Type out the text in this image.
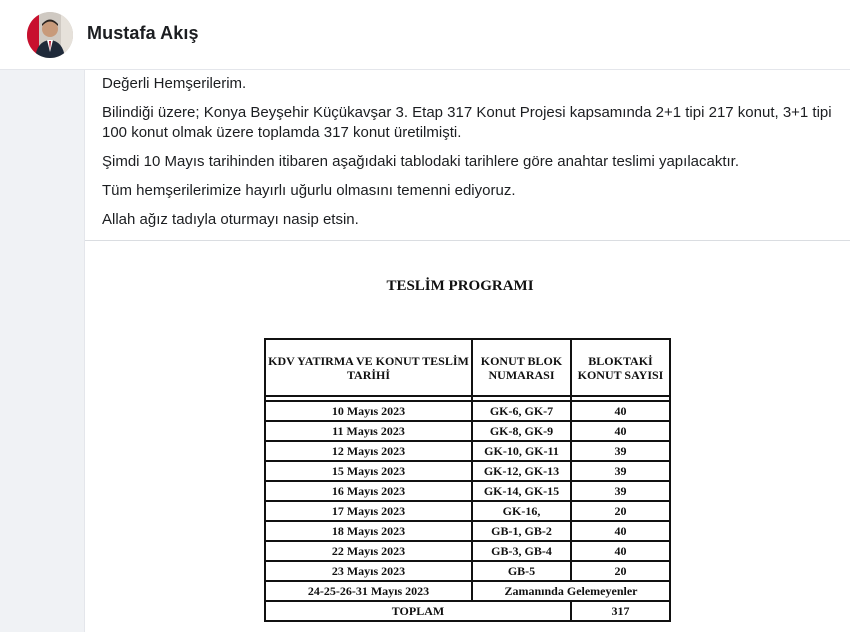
Mustafa Akış

Değerli Hemşerilerim.

Bilindiği üzere; Konya Beyşehir Küçükavşar 3. Etap 317 Konut Projesi kapsamında 2+1 tipi 217 konut, 3+1 tipi 100 konut olmak üzere toplamda 317 konut üretilmişti.

Şimdi 10 Mayıs tarihinden itibaren aşağıdaki tablodaki tarihlere göre anahtar teslimi yapılacaktır.

Tüm hemşerilerimize hayırlı uğurlu olmasını temenni ediyoruz.

Allah ağız tadıyla oturmayı nasip etsin.

TESLİM PROGRAMI
KDV YATIRMA VE KONUT TESLİM TARİHİ	KONUT BLOK NUMARASI	BLOKTAKİ KONUT SAYISI

10 Mayıs 2023	GK-6, GK-7	40
11 Mayıs 2023	GK-8, GK-9	40
12 Mayıs 2023	GK-10, GK-11	39
15 Mayıs 2023	GK-12, GK-13	39
16 Mayıs 2023	GK-14, GK-15	39
17 Mayıs 2023	GK-16,	20
18 Mayıs 2023	GB-1, GB-2	40
22 Mayıs 2023	GB-3, GB-4	40
23 Mayıs 2023	GB-5	20
24-25-26-31 Mayıs 2023	Zamanında Gelemeyenler	
TOPLAM		317
